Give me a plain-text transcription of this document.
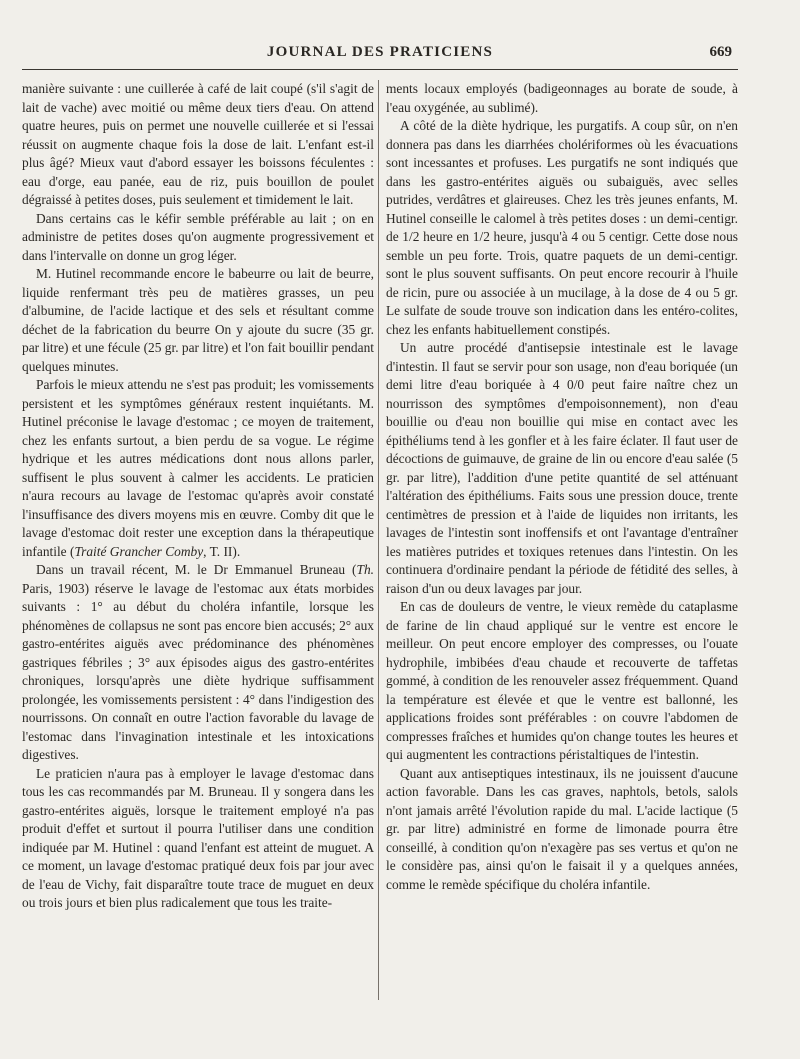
JOURNAL DES PRATICIENS	669

manière suivante : une cuillerée à café de lait coupé (s'il s'agit de lait de vache) avec moitié ou même deux tiers d'eau. On attend quatre heures, puis on permet une nouvelle cuillerée et si l'essai réussit on augmente chaque fois la dose de lait. L'enfant est-il plus âgé? Mieux vaut d'abord essayer les boissons féculentes : eau d'orge, eau panée, eau de riz, puis bouillon de poulet dégraissé à petites doses, puis seulement et timidement le lait.

Dans certains cas le kéfir semble préférable au lait ; on en administre de petites doses qu'on augmente progressivement et dans l'intervalle on donne un grog léger.

M. Hutinel recommande encore le babeurre ou lait de beurre, liquide renfermant très peu de matières grasses, un peu d'albumine, de l'acide lactique et des sels et résultant comme déchet de la fabrication du beurre On y ajoute du sucre (35 gr. par litre) et une fécule (25 gr. par litre) et l'on fait bouillir pendant quelques minutes.

Parfois le mieux attendu ne s'est pas produit; les vomissements persistent et les symptômes généraux restent inquiétants. M. Hutinel préconise le lavage d'estomac ; ce moyen de traitement, chez les enfants surtout, a bien perdu de sa vogue. Le régime hydrique et les autres médications dont nous allons parler, suffisent le plus souvent à calmer les accidents. Le praticien n'aura recours au lavage de l'estomac qu'après avoir constaté l'insuffisance des divers moyens mis en œuvre. Comby dit que le lavage d'estomac doit rester une exception dans la thérapeutique infantile (Traité Grancher Comby, T. II).

Dans un travail récent, M. le Dr Emmanuel Bruneau (Th. Paris, 1903) réserve le lavage de l'estomac aux états morbides suivants : 1° au début du choléra infantile, lorsque les phénomènes de collapsus ne sont pas encore bien accusés; 2° aux gastro-entérites aiguës avec prédominance des phénomènes gastriques fébriles ; 3° aux épisodes aigus des gastro-entérites chroniques, lorsqu'après une diète hydrique suffisamment prolongée, les vomissements persistent : 4° dans l'indigestion des nourrissons. On connaît en outre l'action favorable du lavage de l'estomac dans l'invagination intestinale et les intoxications digestives.

Le praticien n'aura pas à employer le lavage d'estomac dans tous les cas recommandés par M. Bruneau. Il y songera dans les gastro-entérites aiguës, lorsque le traitement employé n'a pas produit d'effet et surtout il pourra l'utiliser dans une condition indiquée par M. Hutinel : quand l'enfant est atteint de muguet. A ce moment, un lavage d'estomac pratiqué deux fois par jour avec de l'eau de Vichy, fait disparaître toute trace de muguet en deux ou trois jours et bien plus radicalement que tous les traite-

ments locaux employés (badigeonnages au borate de soude, à l'eau oxygénée, au sublimé).

A côté de la diète hydrique, les purgatifs. A coup sûr, on n'en donnera pas dans les diarrhées cholériformes où les évacuations sont incessantes et profuses. Les purgatifs ne sont indiqués que dans les gastro-entérites aiguës ou subaiguës, avec selles putrides, verdâtres et glaireuses. Chez les très jeunes enfants, M. Hutinel conseille le calomel à très petites doses : un demi-centigr. de 1/2 heure en 1/2 heure, jusqu'à 4 ou 5 centigr. Cette dose nous semble un peu forte. Trois, quatre paquets de un demi-centigr. sont le plus souvent suffisants. On peut encore recourir à l'huile de ricin, pure ou associée à un mucilage, à la dose de 4 ou 5 gr. Le sulfate de soude trouve son indication dans les entéro-colites, chez les enfants habituellement constipés.

Un autre procédé d'antisepsie intestinale est le lavage d'intestin. Il faut se servir pour son usage, non d'eau boriquée (un demi litre d'eau boriquée à 4 0/0 peut faire naître chez un nourrisson des symptômes d'empoisonnement), non d'eau bouillie ou d'eau non bouillie qui mise en contact avec les épithéliums tend à les gonfler et à les faire éclater. Il faut user de décoctions de guimauve, de graine de lin ou encore d'eau salée (5 gr. par litre), l'addition d'une petite quantité de sel atténuant l'altération des épithéliums. Faits sous une pression douce, trente centimètres de pression et à l'aide de liquides non irritants, les lavages de l'intestin sont inoffensifs et ont l'avantage d'entraîner les matières putrides et toxiques retenues dans l'intestin. On les continuera d'ordinaire pendant la période de fétidité des selles, à raison d'un ou deux lavages par jour.

En cas de douleurs de ventre, le vieux remède du cataplasme de farine de lin chaud appliqué sur le ventre est encore le meilleur. On peut encore employer des compresses, ou l'ouate hydrophile, imbibées d'eau chaude et recouverte de taffetas gommé, à condition de les renouveler assez fréquemment. Quand la température est élevée et que le ventre est ballonné, les applications froides sont préférables : on couvre l'abdomen de compresses fraîches et humides qu'on change toutes les heures et qui augmentent les contractions péristaltiques de l'intestin.

Quant aux antiseptiques intestinaux, ils ne jouissent d'aucune action favorable. Dans les cas graves, naphtols, betols, salols n'ont jamais arrêté l'évolution rapide du mal. L'acide lactique (5 gr. par litre) administré en forme de limonade pourra être conseillé, à condition qu'on n'exagère pas ses vertus et qu'on ne le considère pas, ainsi qu'on le faisait il y a quelques années, comme le remède spécifique du choléra infantile.
